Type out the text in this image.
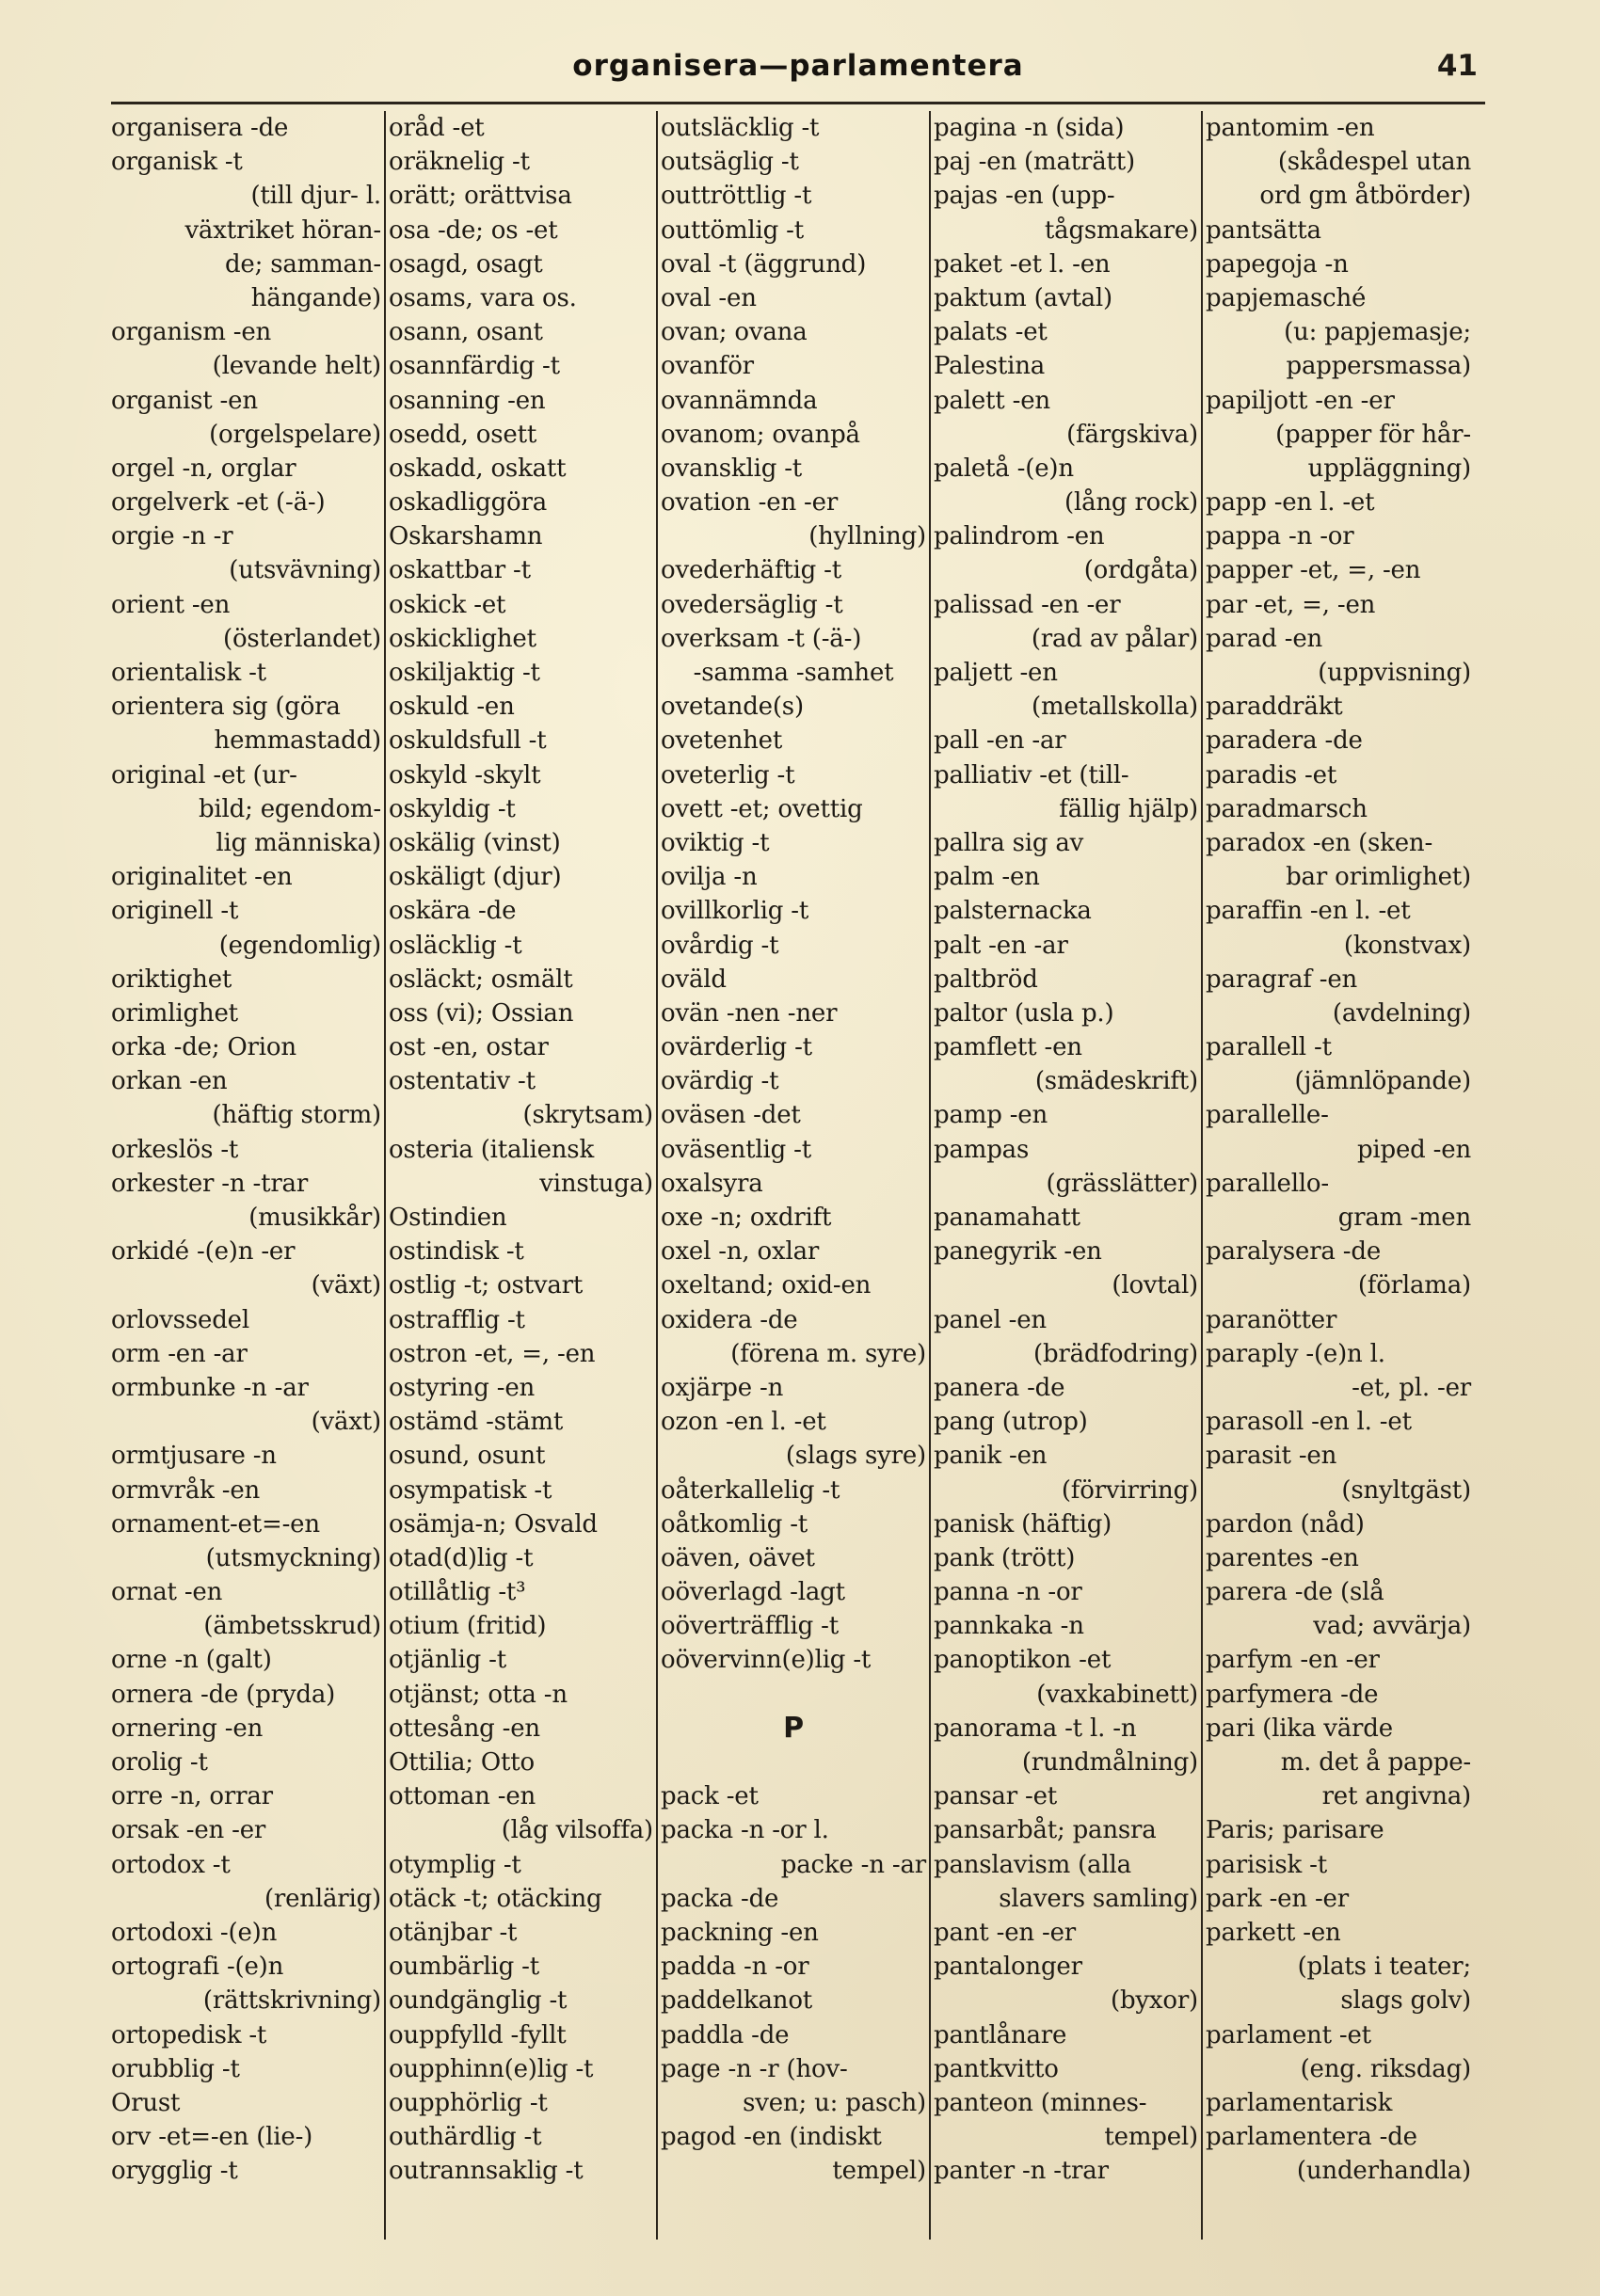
organisera—parlamentera	41
organisera -de
organisk -t
(till djur- l.
växtriket höran-
de; samman-
hängande)
organism -en
(levande helt)
organist -en
(orgelspelare)
orgel -n, orglar
orgelverk -et (-ä-)
orgie -n -r
(utsvävning)
orient -en
(österlandet)
orientalisk -t
orientera sig (göra
hemmastadd)
original -et (ur-
bild; egendom-
lig människa)
originalitet -en
originell -t
(egendomlig)
oriktighet
orimlighet
orka -de; Orion
orkan -en
(häftig storm)
orkeslös -t
orkester -n -trar
(musikkår)
orkidé -(e)n -er
(växt)
orlovssedel
orm -en -ar
ormbunke -n -ar
(växt)
ormtjusare -n
ormvråk -en
ornament-et=-en
(utsmyckning)
ornat -en
(ämbetsskrud)
orne -n (galt)
ornera -de (pryda)
ornering -en
orolig -t
orre -n, orrar
orsak -en -er
ortodox -t
(renlärig)
ortodoxi -(e)n
ortografi -(e)n
(rättskrivning)
ortopedisk -t
orubblig -t
Orust
orv -et=-en (lie-)
orygglig -t
oråd -et
oräknelig -t
orätt; orättvisa
osa -de; os -et
osagd, osagt
osams, vara os.
osann, osant
osannfärdig -t
osanning -en
osedd, osett
oskadd, oskatt
oskadliggöra
Oskarshamn
oskattbar -t
oskick -et
oskicklighet
oskiljaktig -t
oskuld -en
oskuldsfull -t
oskyld -skylt
oskyldig -t
oskälig (vinst)
oskäligt (djur)
oskära -de
osläcklig -t
osläckt; osmält
oss (vi); Ossian
ost -en, ostar
ostentativ -t
(skrytsam)
osteria (italiensk
vinstuga)
Ostindien
ostindisk -t
ostlig -t; ostvart
ostrafflig -t
ostron -et, =, -en
ostyring -en
ostämd -stämt
osund, osunt
osympatisk -t
osämja-n; Osvald
otad(d)lig -t
otillåtlig -t³
otium (fritid)
otjänlig -t
otjänst; otta -n
ottesång -en
Ottilia; Otto
ottoman -en
(låg vilsoffa)
otymplig -t
otäck -t; otäcking
otänjbar -t
oumbärlig -t
oundgänglig -t
ouppfylld -fyllt
oupphinn(e)lig -t
oupphörlig -t
outhärdlig -t
outrannsaklig -t
outsläcklig -t
outsäglig -t
outtröttlig -t
outtömlig -t
oval -t (äggrund)
oval -en
ovan; ovana
ovanför
ovannämnda
ovanom; ovanpå
ovansklig -t
ovation -en -er
(hyllning)
ovederhäftig -t
ovedersäglig -t
overksam -t (-ä-)
-samma -samhet
ovetande(s)
ovetenhet
oveterlig -t
ovett -et; ovettig
oviktig -t
ovilja -n
ovillkorlig -t
ovårdig -t
oväld
ovän -nen -ner
ovärderlig -t
ovärdig -t
oväsen -det
oväsentlig -t
oxalsyra
oxe -n; oxdrift
oxel -n, oxlar
oxeltand; oxid-en
oxidera -de
(förena m. syre)
oxjärpe -n
ozon -en l. -et
(slags syre)
oåterkallelig -t
oåtkomlig -t
oäven, oävet
oöverlagd -lagt
oöverträfflig -t
oövervinn(e)lig -t
P
pack -et
packa -n -or l.
packe -n -ar
packa -de
packning -en
padda -n -or
paddelkanot
paddla -de
page -n -r (hov-
sven; u: pasch)
pagod -en (indiskt
tempel)
pagina -n (sida)
paj -en (maträtt)
pajas -en (upp-
tågsmakare)
paket -et l. -en
paktum (avtal)
palats -et
Palestina
palett -en
(färgskiva)
paletå -(e)n
(lång rock)
palindrom -en
(ordgåta)
palissad -en -er
(rad av pålar)
paljett -en
(metallskolla)
pall -en -ar
palliativ -et (till-
fällig hjälp)
pallra sig av
palm -en
palsternacka
palt -en -ar
paltbröd
paltor (usla p.)
pamflett -en
(smädeskrift)
pamp -en
pampas
(grässlätter)
panamahatt
panegyrik -en
(lovtal)
panel -en
(brädfodring)
panera -de
pang (utrop)
panik -en
(förvirring)
panisk (häftig)
pank (trött)
panna -n -or
pannkaka -n
panoptikon -et
(vaxkabinett)
panorama -t l. -n
(rundmålning)
pansar -et
pansarbåt; pansra
panslavism (alla
slavers samling)
pant -en -er
pantalonger
(byxor)
pantlånare
pantkvitto
panteon (minnes-
tempel)
panter -n -trar
pantomim -en
(skådespel utan
ord gm åtbörder)
pantsätta
papegoja -n
papjemasché
(u: papjemasje;
pappersmassa)
papiljott -en -er
(papper för hår-
uppläggning)
papp -en l. -et
pappa -n -or
papper -et, =, -en
par -et, =, -en
parad -en
(uppvisning)
paraddräkt
paradera -de
paradis -et
paradmarsch
paradox -en (sken-
bar orimlighet)
paraffin -en l. -et
(konstvax)
paragraf -en
(avdelning)
parallell -t
(jämnlöpande)
parallelle-
piped -en
parallello-
gram -men
paralysera -de
(förlama)
paranötter
paraply -(e)n l.
-et, pl. -er
parasoll -en l. -et
parasit -en
(snyltgäst)
pardon (nåd)
parentes -en
parera -de (slå
vad; avvärja)
parfym -en -er
parfymera -de
pari (lika värde
m. det å pappe-
ret angivna)
Paris; parisare
parisisk -t
park -en -er
parkett -en
(plats i teater;
slags golv)
parlament -et
(eng. riksdag)
parlamentarisk
parlamentera -de
(underhandla)
